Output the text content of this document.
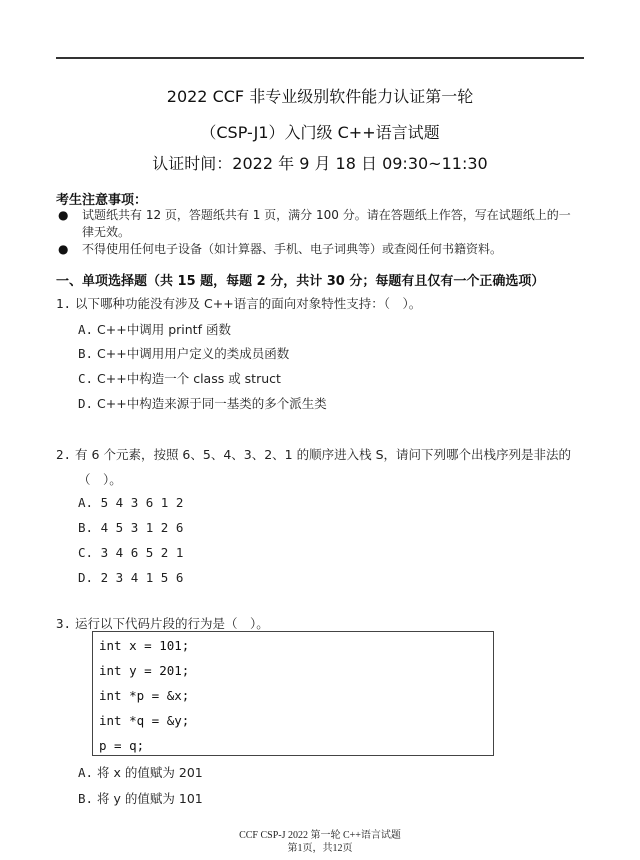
2022 CCF 非专业级别软件能力认证第一轮
（CSP-J1）入门级 C++语言试题
认证时间：2022 年 9 月 18 日 09:30~11:30
考生注意事项：
● 试题纸共有 12 页，答题纸共有 1 页，满分 100 分。请在答题纸上作答，写在试题纸上的一律无效。
● 不得使用任何电子设备（如计算器、手机、电子词典等）或查阅任何书籍资料。
一、单项选择题（共 15 题，每题 2 分，共计 30 分；每题有且仅有一个正确选项）
1. 以下哪种功能没有涉及 C++语言的面向对象特性支持：（　）。
A. C++中调用 printf 函数
B. C++中调用用户定义的类成员函数
C. C++中构造一个 class 或 struct
D. C++中构造来源于同一基类的多个派生类
2. 有 6 个元素，按照 6、5、4、3、2、1 的顺序进入栈 S，请问下列哪个出栈序列是非法的
（　）。
A. 5 4 3 6 1 2
B. 4 5 3 1 2 6
C. 3 4 6 5 2 1
D. 2 3 4 1 5 6
3. 运行以下代码片段的行为是（　）。
int x = 101;
int y = 201;
int *p = &x;
int *q = &y;
p = q;
A. 将 x 的值赋为 201
B. 将 y 的值赋为 101
CCF CSP-J 2022 第一轮 C++语言试题
第1页，共12页
